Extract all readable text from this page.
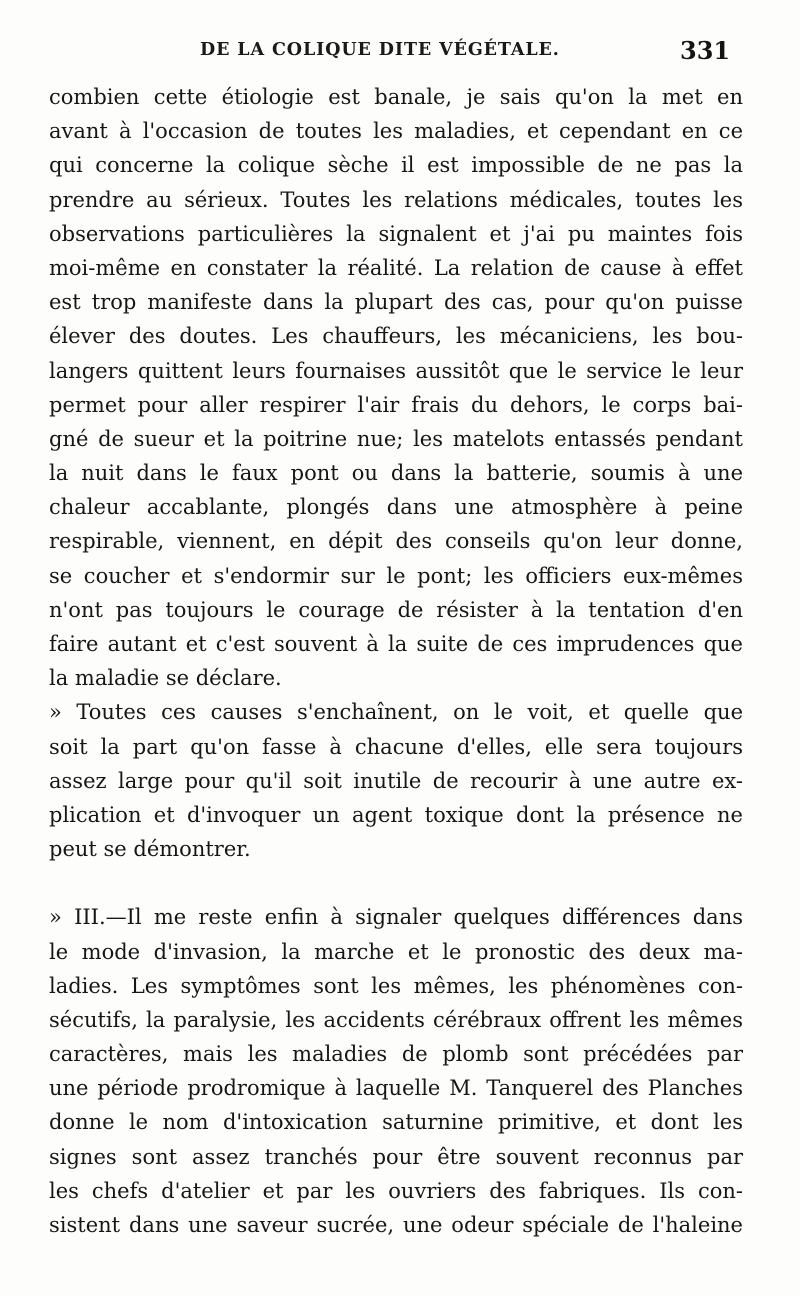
DE LA COLIQUE DITE VÉGÉTALE.	331
combien cette étiologie est banale, je sais qu'on la met en
avant à l'occasion de toutes les maladies, et cependant en ce
qui concerne la colique sèche il est impossible de ne pas la
prendre au sérieux. Toutes les relations médicales, toutes les
observations particulières la signalent et j'ai pu maintes fois
moi-même en constater la réalité. La relation de cause à effet
est trop manifeste dans la plupart des cas, pour qu'on puisse
élever des doutes. Les chauffeurs, les mécaniciens, les bou-
langers quittent leurs fournaises aussitôt que le service le leur
permet pour aller respirer l'air frais du dehors, le corps bai-
gné de sueur et la poitrine nue; les matelots entassés pendant
la nuit dans le faux pont ou dans la batterie, soumis à une
chaleur accablante, plongés dans une atmosphère à peine
respirable, viennent, en dépit des conseils qu'on leur donne,
se coucher et s'endormir sur le pont; les officiers eux-mêmes
n'ont pas toujours le courage de résister à la tentation d'en
faire autant et c'est souvent à la suite de ces imprudences que
la maladie se déclare.
» Toutes ces causes s'enchaînent, on le voit, et quelle que
soit la part qu'on fasse à chacune d'elles, elle sera toujours
assez large pour qu'il soit inutile de recourir à une autre ex-
plication et d'invoquer un agent toxique dont la présence ne
peut se démontrer.
» III.—Il me reste enfin à signaler quelques différences dans
le mode d'invasion, la marche et le pronostic des deux ma-
ladies. Les symptômes sont les mêmes, les phénomènes con-
sécutifs, la paralysie, les accidents cérébraux offrent les mêmes
caractères, mais les maladies de plomb sont précédées par
une période prodromique à laquelle M. Tanquerel des Planches
donne le nom d'intoxication saturnine primitive, et dont les
signes sont assez tranchés pour être souvent reconnus par
les chefs d'atelier et par les ouvriers des fabriques. Ils con-
sistent dans une saveur sucrée, une odeur spéciale de l'haleine
